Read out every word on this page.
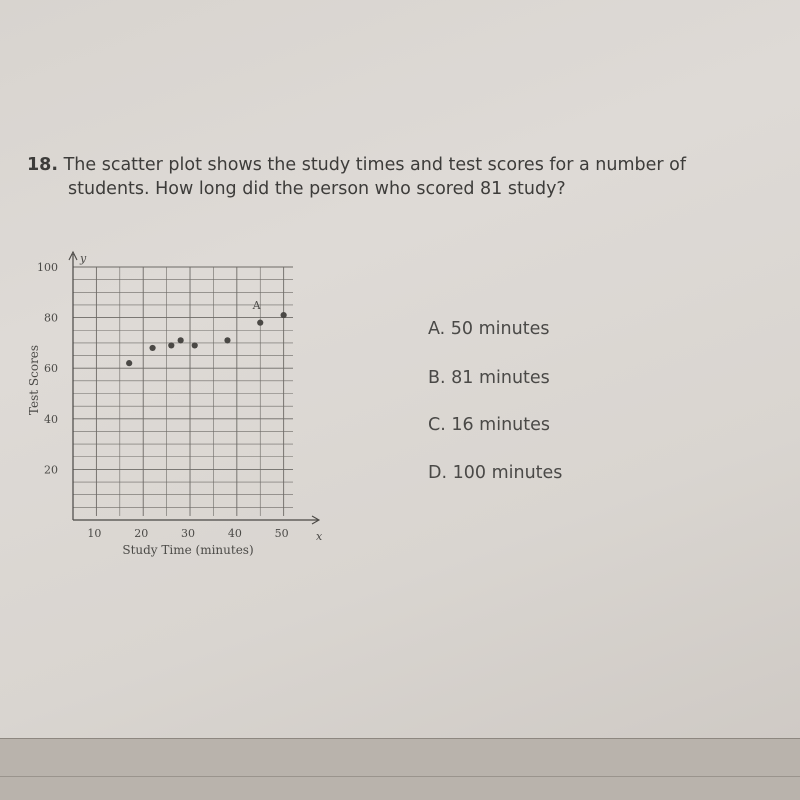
18. The scatter plot shows the study times and test scores for a number of
students. How long did the person who scored 81 study?
x
y
10	20	30	40	50
20
40
60
80
100
A
Study Time (minutes)
Test Scores
A. 50 minutes
B. 81 minutes
C. 16 minutes
D. 100 minutes
